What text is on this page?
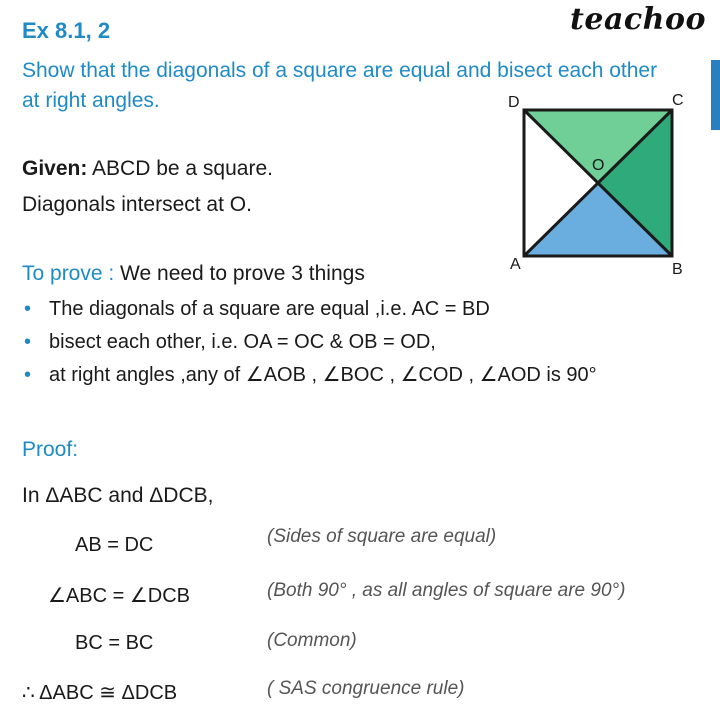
Ex 8.1, 2	teachoo
Show that the diagonals of a square are equal and bisect each other at right angles.
Given: ABCD be a square.
Diagonals intersect at O.
To prove : We need to prove 3 things
• The diagonals of a square are equal ,i.e. AC = BD
• bisect each other, i.e. OA = OC & OB = OD,
• at right angles ,any of ∠AOB , ∠BOC , ∠COD , ∠AOD is 90°
Proof:
In ΔABC and ΔDCB,
AB = DC	(Sides of square are equal)
∠ABC = ∠DCB	(Both 90° , as all angles of square are 90°)
BC = BC	(Common)
∴ ΔABC ≅ ΔDCB	( SAS congruence rule)
D	C
A	B
O
